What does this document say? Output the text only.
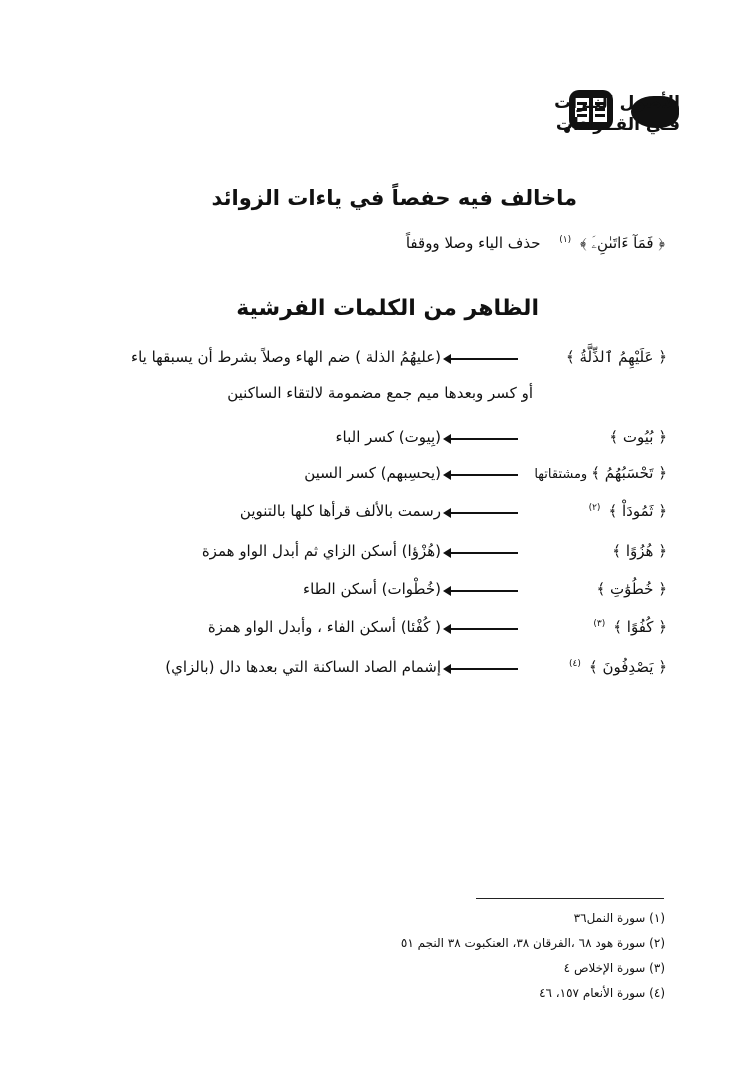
الأصول النيرات
فـي القــراءات
ماخالف فيه حفصاً في ياءات الزوائد
﴿ فَمَآ ءَاتَىٰنِۦَ ﴾ $^{(١)}$ حذف الياء وصلا ووقفاً
الظاهر من الكلمات الفرشية
﴿ عَلَيْهِمُ ٱلذِّلَّةُ ﴾
(عليهُمُ الذلة ) ضم الهاء وصلاً بشرط أن يسبقها ياء
أو كسر وبعدها ميم جمع مضمومة لالتقاء الساكنين
﴿ بُيُوت ﴾
(بِيوت) كسر الباء
﴿ تَحْسَبُهُمُ ﴾ومشتقاتها
(يحسِبهم) كسر السين
﴿ ثَمُودَاْ ﴾$^{(٢)}$
رسمت بالألف قرأها كلها بالتنوين
﴿ هُزُوًا ﴾
(هُزْؤا) أسكن الزاي ثم أبدل الواو همزة
﴿ خُطُوَٰتِ ﴾
(خُطْوات) أسكن الطاء
﴿ كُفُوًا ﴾$^{(٣)}$
( كُفْئا) أسكن الفاء ، وأبدل الواو همزة
﴿ يَصْدِفُونَ ﴾$^{(٤)}$
إشمام الصاد الساكنة التي بعدها دال (بالزاي)
(١) سورة النمل٣٦
(٢) سورة هود ٦٨ ،الفرقان ٣٨، العنكبوت ٣٨ النجم ٥١
(٣) سورة الإخلاص ٤
(٤) سورة الأنعام ١٥٧، ٤٦
